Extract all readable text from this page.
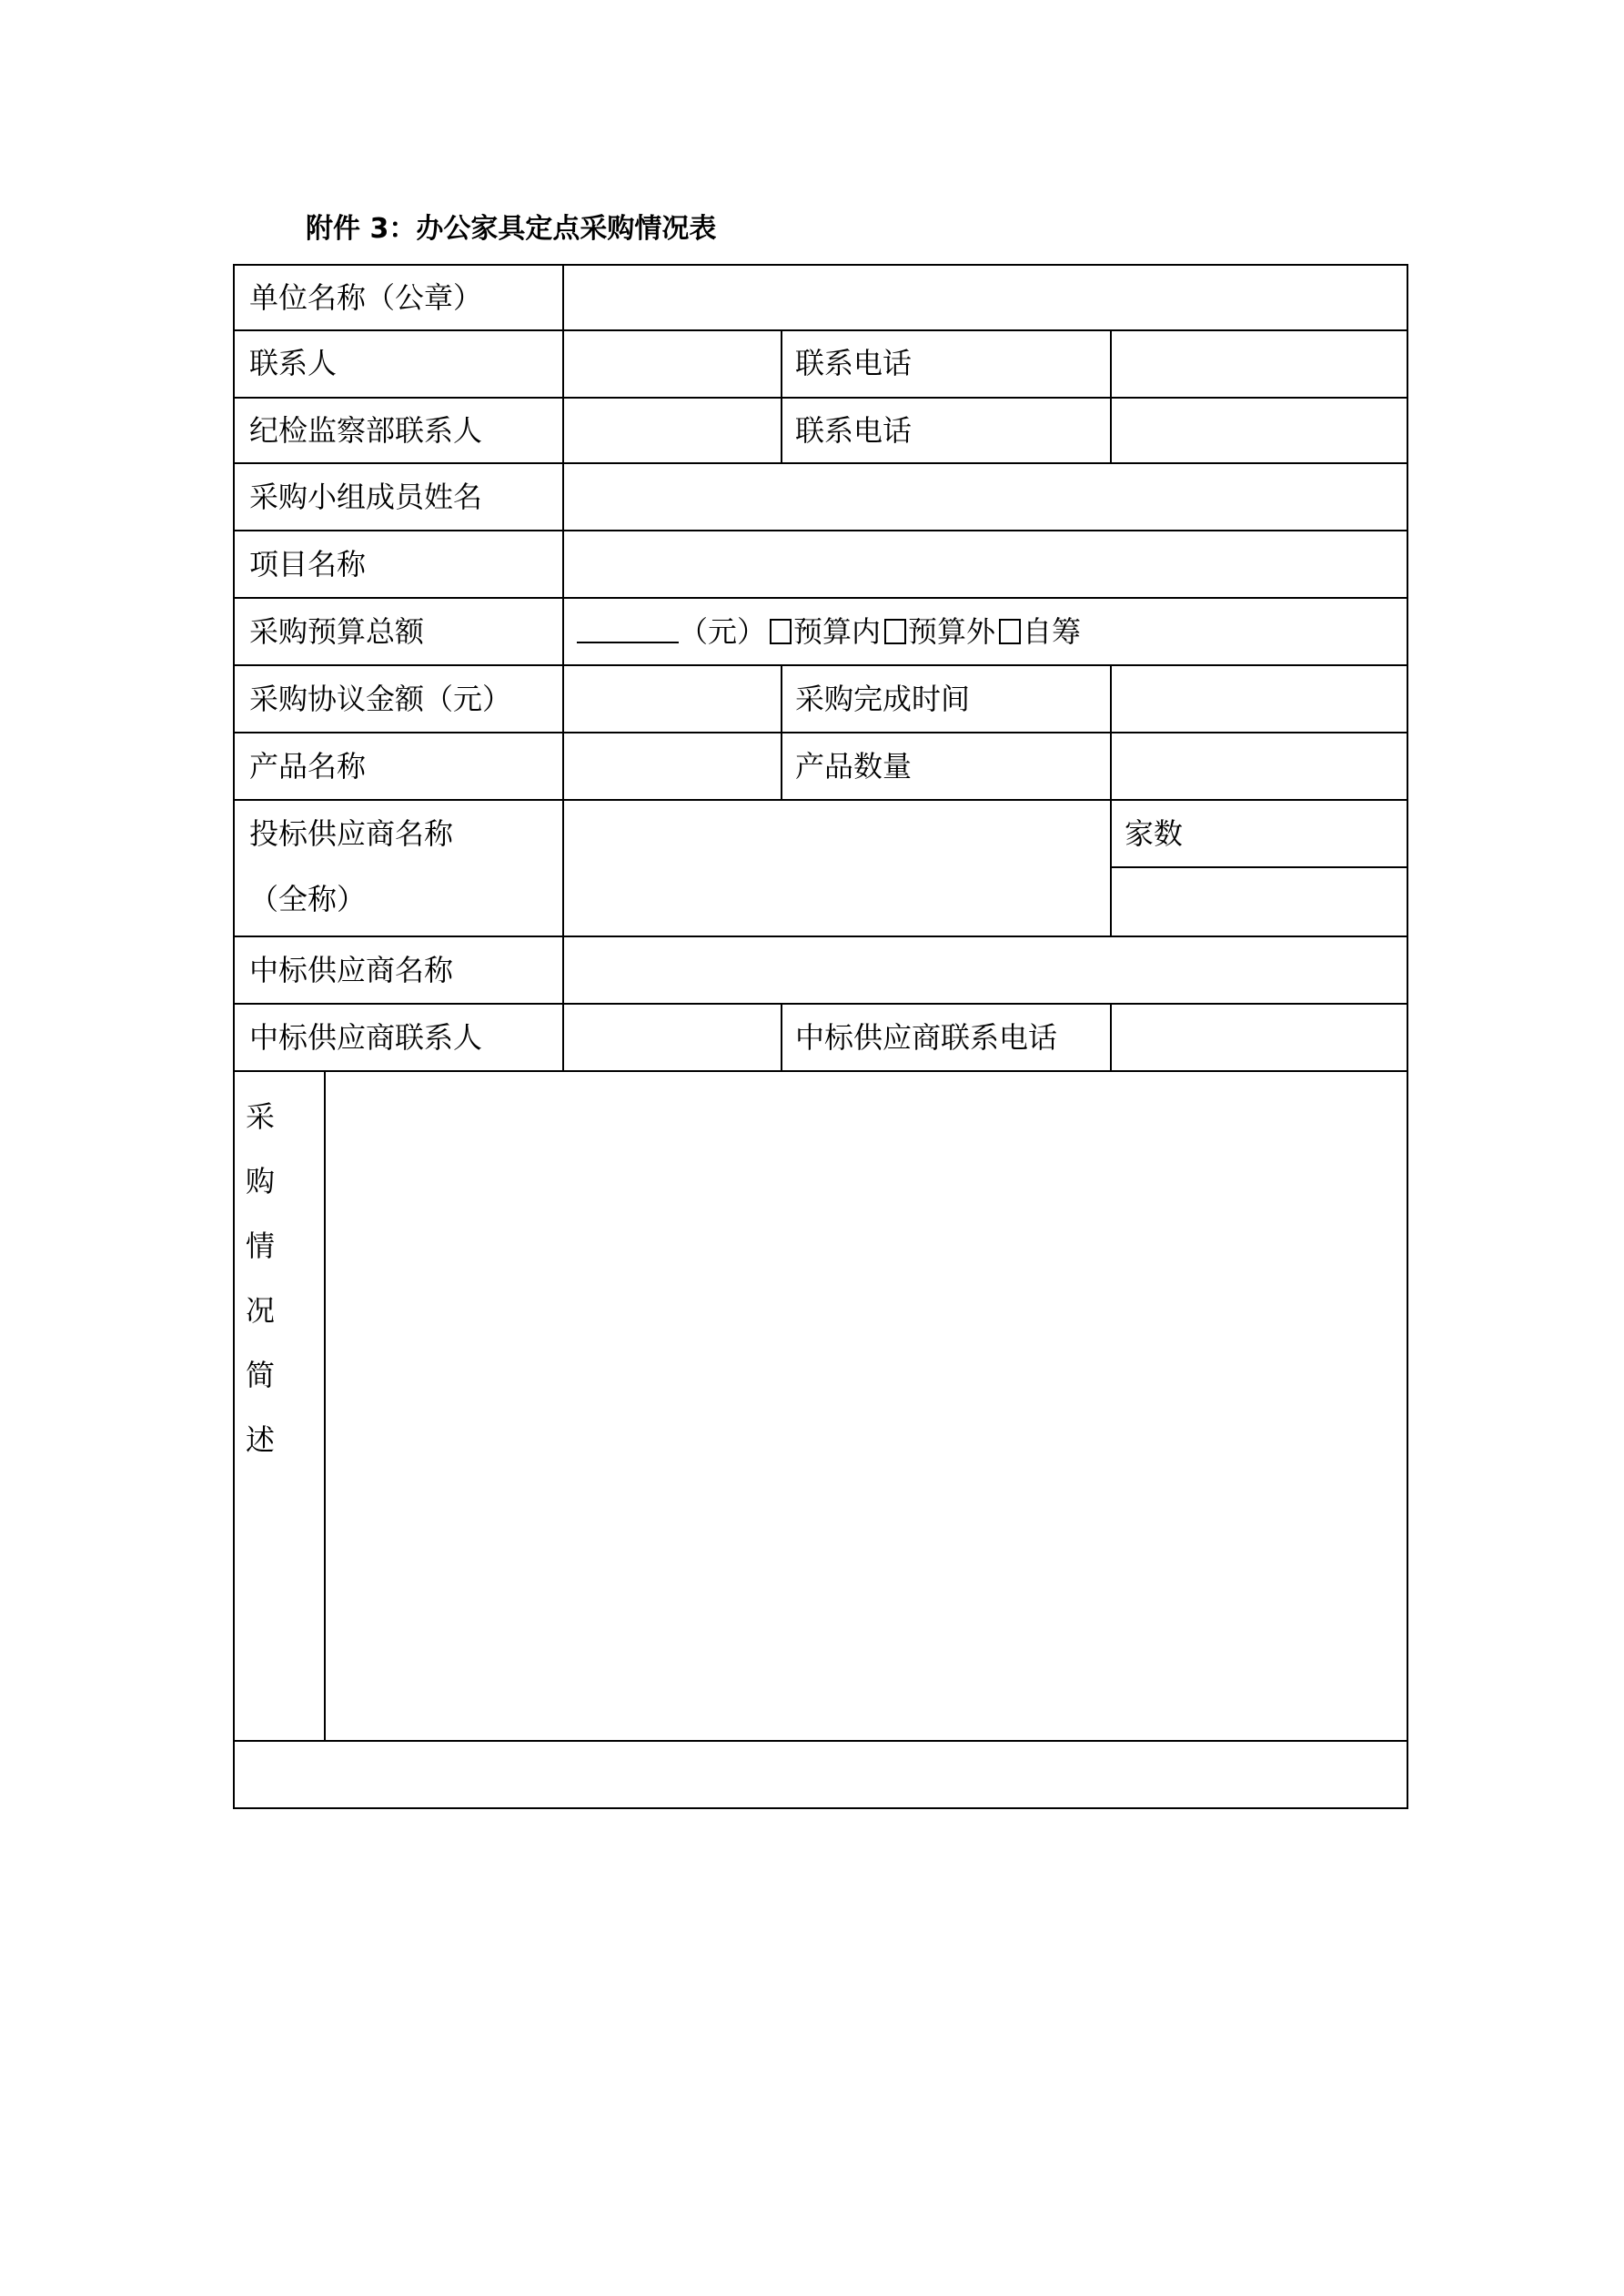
附件 3：办公家具定点采购情况表
单位名称（公章）
联系人	联系电话
纪检监察部联系人	联系电话
采购小组成员姓名
项目名称
采购预算总额	（元） 预算内 预算外 自筹
采购协议金额（元）	采购完成时间
产品名称	产品数量
投标供应商名称
（全称）
家数
中标供应商名称
中标供应商联系人	中标供应商联系电话
采
购
情
况
简
述
